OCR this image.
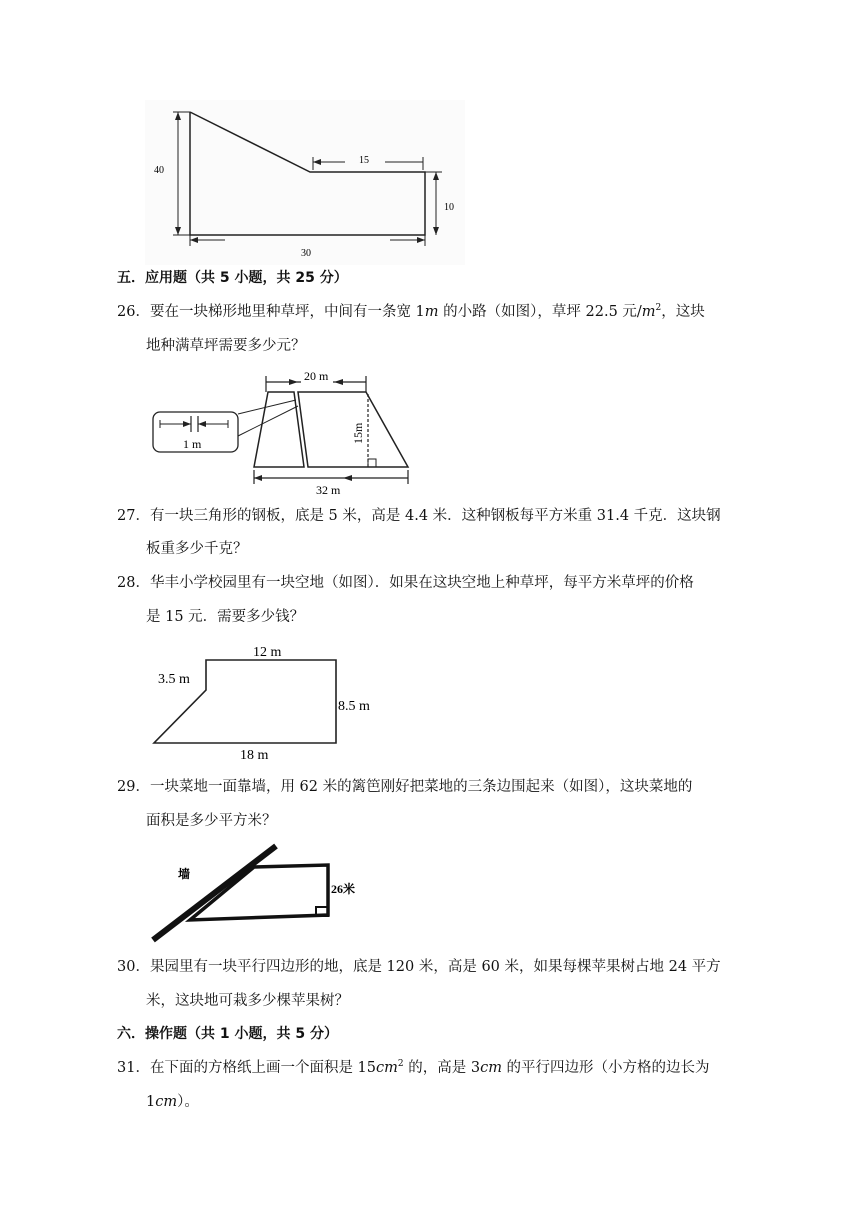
40
15
10
30
五．应用题（共 5 小题，共 25 分）
26．要在一块梯形地里种草坪，中间有一条宽 1m 的小路（如图），草坪 22.5 元$/m^2$，这块
地种满草坪需要多少元？
20 m
15m
1 m
32 m
27．有一块三角形的钢板，底是 5 米，高是 4.4 米．这种钢板每平方米重 31.4 千克．这块钢
板重多少千克？
28．华丰小学校园里有一块空地（如图）．如果在这块空地上种草坪，每平方米草坪的价格
是 15 元．需要多少钱？
12 m
3.5 m
8.5 m
18 m
29．一块菜地一面靠墙，用 62 米的篱笆刚好把菜地的三条边围起来（如图），这块菜地的
面积是多少平方米？
墙
26米
30．果园里有一块平行四边形的地，底是 120 米，高是 60 米，如果每棵苹果树占地 24 平方
米，这块地可栽多少棵苹果树？
六．操作题（共 1 小题，共 5 分）
31．在下面的方格纸上画一个面积是 $15cm^2$ 的，高是 3cm 的平行四边形（小方格的边长为
1cm）。
